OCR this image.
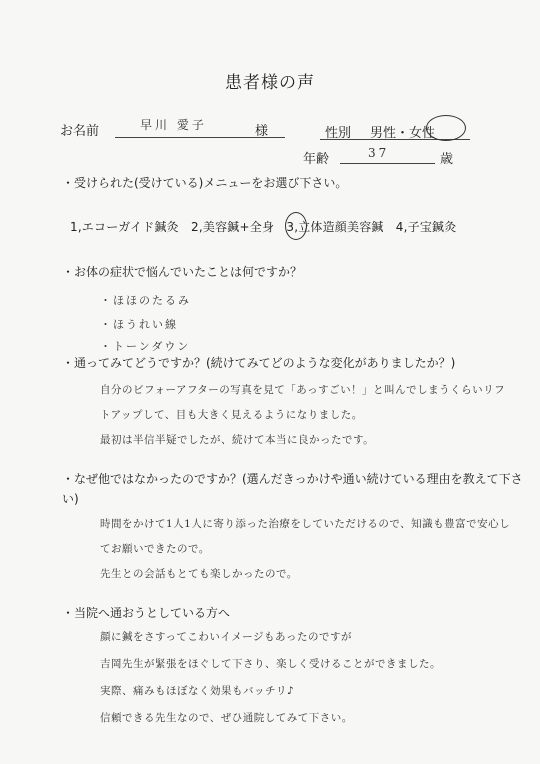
患者様の声
お名前	早川 愛子	様	性別 男性・女性
年齢	37	歳
・受けられた(受けている)メニューをお選び下さい。
1,エコーガイド鍼灸　2,美容鍼+全身　3,立体造顔美容鍼　4,子宝鍼灸
・お体の症状で悩んでいたことは何ですか？
・ほほのたるみ
・ほうれい線
・トーンダウン
・通ってみてどうですか？(続けてみてどのような変化がありましたか？)
自分のビフォーアフターの写真を見て「あっすごい！」と叫んでしまうくらいリフトアップして、目も大きく見えるようになりました。
最初は半信半疑でしたが、続けて本当に良かったです。
・なぜ他ではなかったのですか？(選んだきっかけや通い続けている理由を教えて下さ
い)
時間をかけて1人1人に寄り添った治療をしていただけるので、知識も豊富で安心してお願いできたので。
先生との会話もとても楽しかったので。
・当院へ通おうとしている方へ
顔に鍼をさすってこわいイメージもあったのですが
吉岡先生が緊張をほぐして下さり、楽しく受けることができました。
実際、痛みもほぼなく効果もバッチリ♪
信頼できる先生なので、ぜひ通院してみて下さい。
